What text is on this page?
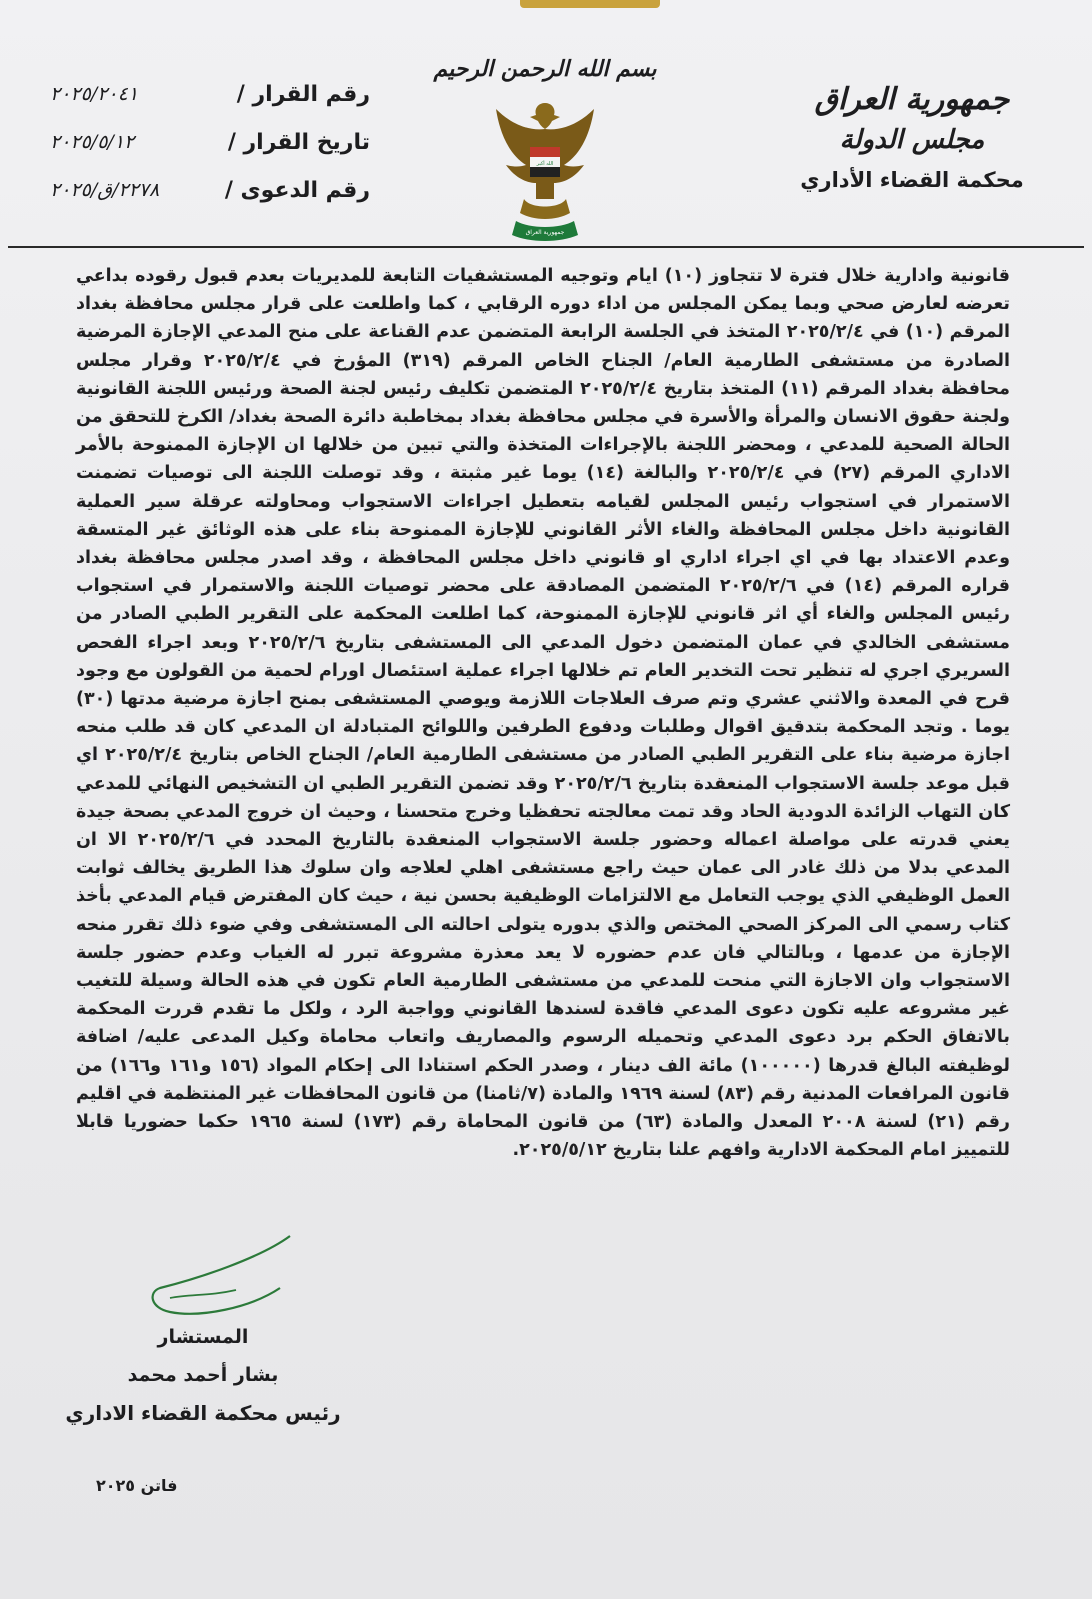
جمهورية العراق
مجلس الدولة
محكمة القضاء الأداري
بسم الله الرحمن الرحيم
الله أكبر
جمهورية العراق
رقم القرار /
٢٠٢٥/٢٠٤١
تاريخ القرار /
٢٠٢٥/٥/١٢
رقم الدعوى /
٢٢٧٨/ق/٢٠٢٥

قانونية وادارية خلال فترة لا تتجاوز (١٠) ايام وتوجيه المستشفيات التابعة للمديريات بعدم قبول رقوده بداعي تعرضه لعارض صحي وبما يمكن المجلس من اداء دوره الرقابي ، كما واطلعت على قرار مجلس محافظة بغداد المرقم (١٠) في ٢٠٢٥/٢/٤ المتخذ في الجلسة الرابعة المتضمن عدم القناعة على منح المدعي الإجازة المرضية الصادرة من مستشفى الطارمية العام/ الجناح الخاص المرقم (٣١٩) المؤرخ في ٢٠٢٥/٢/٤ وقرار مجلس محافظة بغداد المرقم (١١) المتخذ بتاريخ ٢٠٢٥/٢/٤ المتضمن تكليف رئيس لجنة الصحة ورئيس اللجنة القانونية ولجنة حقوق الانسان والمرأة والأسرة في مجلس محافظة بغداد بمخاطبة دائرة الصحة بغداد/ الكرخ للتحقق من الحالة الصحية للمدعي ، ومحضر اللجنة بالإجراءات المتخذة والتي تبين من خلالها ان الإجازة الممنوحة بالأمر الاداري المرقم (٢٧) في ٢٠٢٥/٢/٤ والبالغة (١٤) يوما غير مثبتة ، وقد توصلت اللجنة الى توصيات تضمنت الاستمرار في استجواب رئيس المجلس لقيامه بتعطيل اجراءات الاستجواب ومحاولته عرقلة سير العملية القانونية داخل مجلس المحافظة والغاء الأثر القانوني للإجازة الممنوحة بناء على هذه الوثائق غير المتسقة وعدم الاعتداد بها في اي اجراء اداري او قانوني داخل مجلس المحافظة ، وقد اصدر مجلس محافظة بغداد قراره المرقم (١٤) في ٢٠٢٥/٢/٦ المتضمن المصادقة على محضر توصيات اللجنة والاستمرار في استجواب رئيس المجلس والغاء أي اثر قانوني للإجازة الممنوحة، كما اطلعت المحكمة على التقرير الطبي الصادر من مستشفى الخالدي في عمان المتضمن دخول المدعي الى المستشفى بتاريخ ٢٠٢٥/٢/٦ وبعد اجراء الفحص السريري اجري له تنظير تحت التخدير العام تم خلالها اجراء عملية استئصال اورام لحمية من القولون مع وجود قرح في المعدة والاثني عشري وتم صرف العلاجات اللازمة ويوصي المستشفى بمنح اجازة مرضية مدتها (٣٠) يوما . وتجد المحكمة بتدقيق اقوال وطلبات ودفوع الطرفين واللوائح المتبادلة ان المدعي كان قد طلب منحه اجازة مرضية بناء على التقرير الطبي الصادر من مستشفى الطارمية العام/ الجناح الخاص بتاريخ ٢٠٢٥/٢/٤ اي قبل موعد جلسة الاستجواب المنعقدة بتاريخ ٢٠٢٥/٢/٦ وقد تضمن التقرير الطبي ان التشخيص النهائي للمدعي كان التهاب الزائدة الدودية الحاد وقد تمت معالجته تحفظيا وخرج متحسنا ، وحيث ان خروج المدعي بصحة جيدة يعني قدرته على مواصلة اعماله وحضور جلسة الاستجواب المنعقدة بالتاريخ المحدد في ٢٠٢٥/٢/٦ الا ان المدعي بدلا من ذلك غادر الى عمان حيث راجع مستشفى اهلي لعلاجه وان سلوك هذا الطريق يخالف ثوابت العمل الوظيفي الذي يوجب التعامل مع الالتزامات الوظيفية بحسن نية ، حيث كان المفترض قيام المدعي بأخذ كتاب رسمي الى المركز الصحي المختص والذي بدوره يتولى احالته الى المستشفى وفي ضوء ذلك تقرر منحه الإجازة من عدمها ، وبالتالي فان عدم حضوره لا يعد معذرة مشروعة تبرر له الغياب وعدم حضور جلسة الاستجواب وان الاجازة التي منحت للمدعي من مستشفى الطارمية العام تكون في هذه الحالة وسيلة للتغيب غير مشروعه عليه تكون دعوى المدعي فاقدة لسندها القانوني وواجبة الرد ، ولكل ما تقدم قررت المحكمة بالاتفاق الحكم برد دعوى المدعي وتحميله الرسوم والمصاريف واتعاب محاماة وكيل المدعى عليه/ اضافة لوظيفته البالغ قدرها (١٠٠٠٠٠) مائة الف دينار ، وصدر الحكم استنادا الى إحكام المواد (١٥٦ و١٦١ و١٦٦) من قانون المرافعات المدنية رقم (٨٣) لسنة ١٩٦٩ والمادة (٧/ثامنا) من قانون المحافظات غير المنتظمة في اقليم رقم (٢١) لسنة ٢٠٠٨ المعدل والمادة (٦٣) من قانون المحاماة رقم (١٧٣) لسنة ١٩٦٥ حكما حضوريا قابلا للتمييز امام المحكمة الادارية وافهم علنا بتاريخ ٢٠٢٥/٥/١٢.

المستشار
بشار أحمد محمد
رئيس محكمة القضاء الاداري
فاتن ٢٠٢٥
